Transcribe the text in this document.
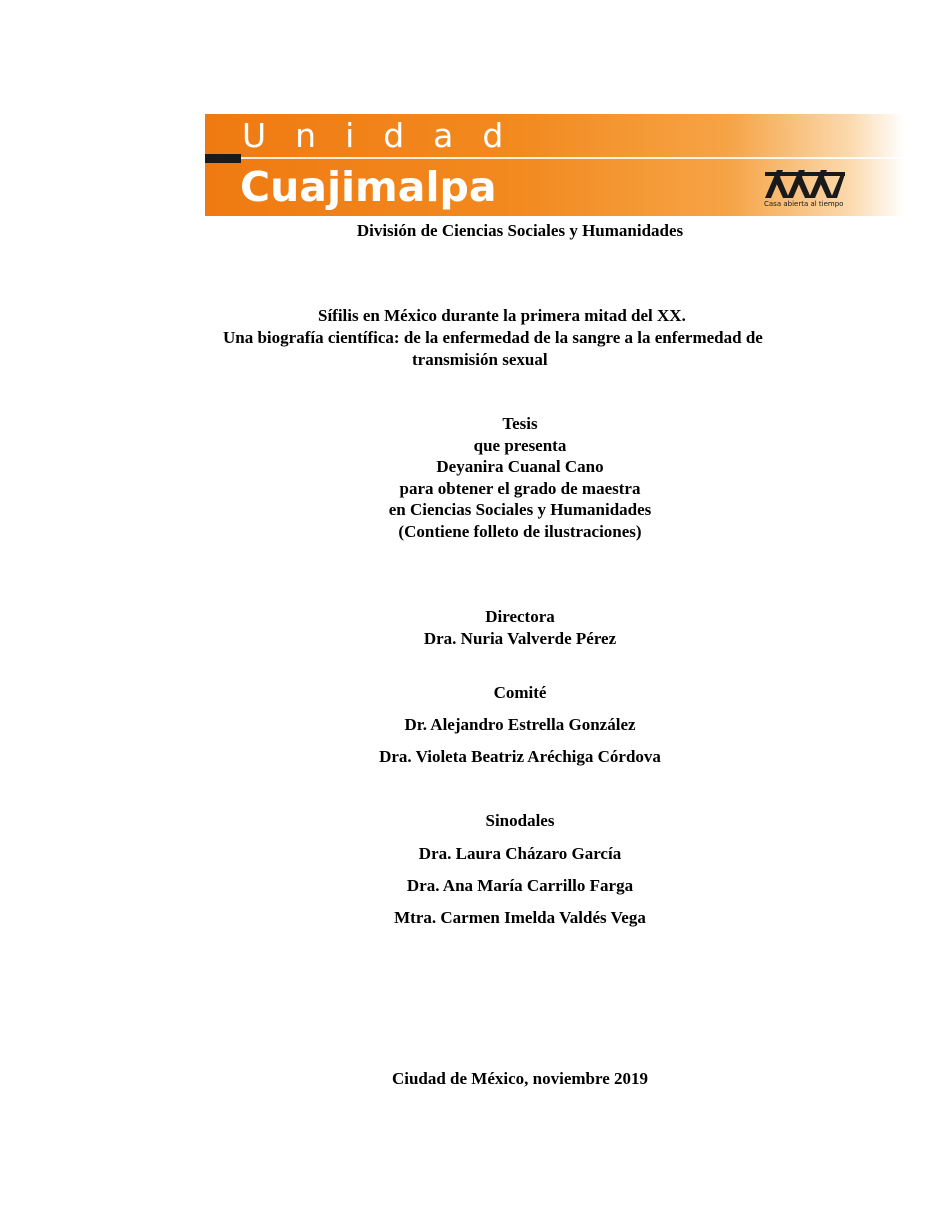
Unidad
Cuajimalpa	Casa abierta al tiempo
División de Ciencias Sociales y Humanidades
Sífilis en México durante la primera mitad del XX.
Una biografía científica: de la enfermedad de la sangre a la enfermedad de
transmisión sexual
Tesis
que presenta
Deyanira Cuanal Cano
para obtener el grado de maestra
en Ciencias Sociales y Humanidades
(Contiene folleto de ilustraciones)
Directora
Dra. Nuria Valverde Pérez
Comité
Dr. Alejandro Estrella González
Dra. Violeta Beatriz Aréchiga Córdova
Sinodales
Dra. Laura Cházaro García
Dra. Ana María Carrillo Farga
Mtra. Carmen Imelda Valdés Vega
Ciudad de México, noviembre 2019
